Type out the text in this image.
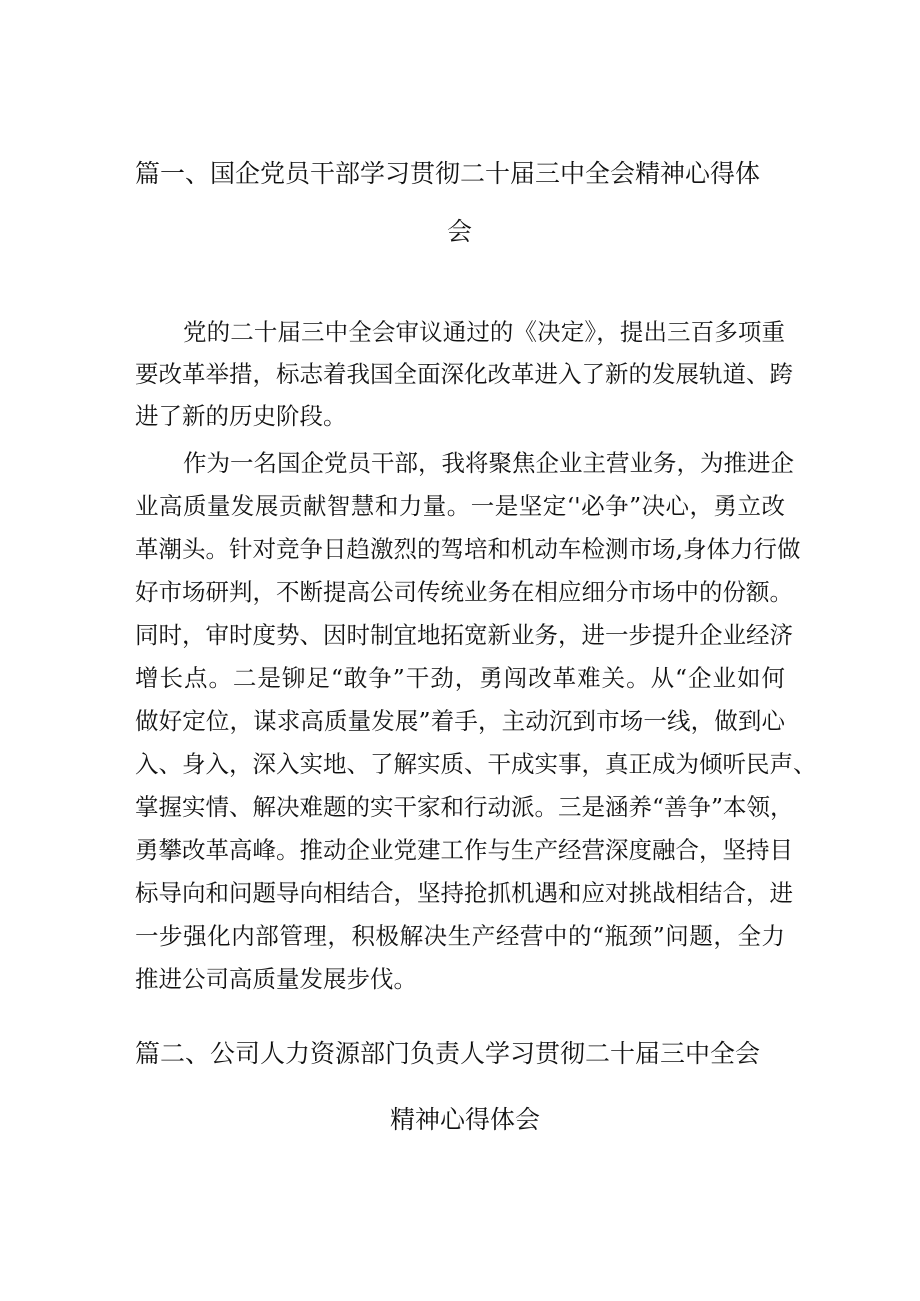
篇一、国企党员干部学习贯彻二十届三中全会精神心得体
会
党的二十届三中全会审议通过的《决定》，提出三百多项重
要改革举措，标志着我国全面深化改革进入了新的发展轨道、跨
进了新的历史阶段。
作为一名国企党员干部，我将聚焦企业主营业务，为推进企
业高质量发展贡献智慧和力量。一是坚定‘'必争”决心，勇立改
革潮头。针对竞争日趋激烈的驾培和机动车检测市场,身体力行做
好市场研判，不断提高公司传统业务在相应细分市场中的份额。
同时，审时度势、因时制宜地拓宽新业务，进一步提升企业经济
增长点。二是铆足“敢争”干劲，勇闯改革难关。从“企业如何
做好定位，谋求高质量发展”着手，主动沉到市场一线，做到心
入、身入，深入实地、了解实质、干成实事，真正成为倾听民声、
掌握实情、解决难题的实干家和行动派。三是涵养“善争”本领，
勇攀改革高峰。推动企业党建工作与生产经营深度融合，坚持目
标导向和问题导向相结合，坚持抢抓机遇和应对挑战相结合，进
一步强化内部管理，积极解决生产经营中的“瓶颈”问题，全力
推进公司高质量发展步伐。
篇二、公司人力资源部门负责人学习贯彻二十届三中全会
精神心得体会
